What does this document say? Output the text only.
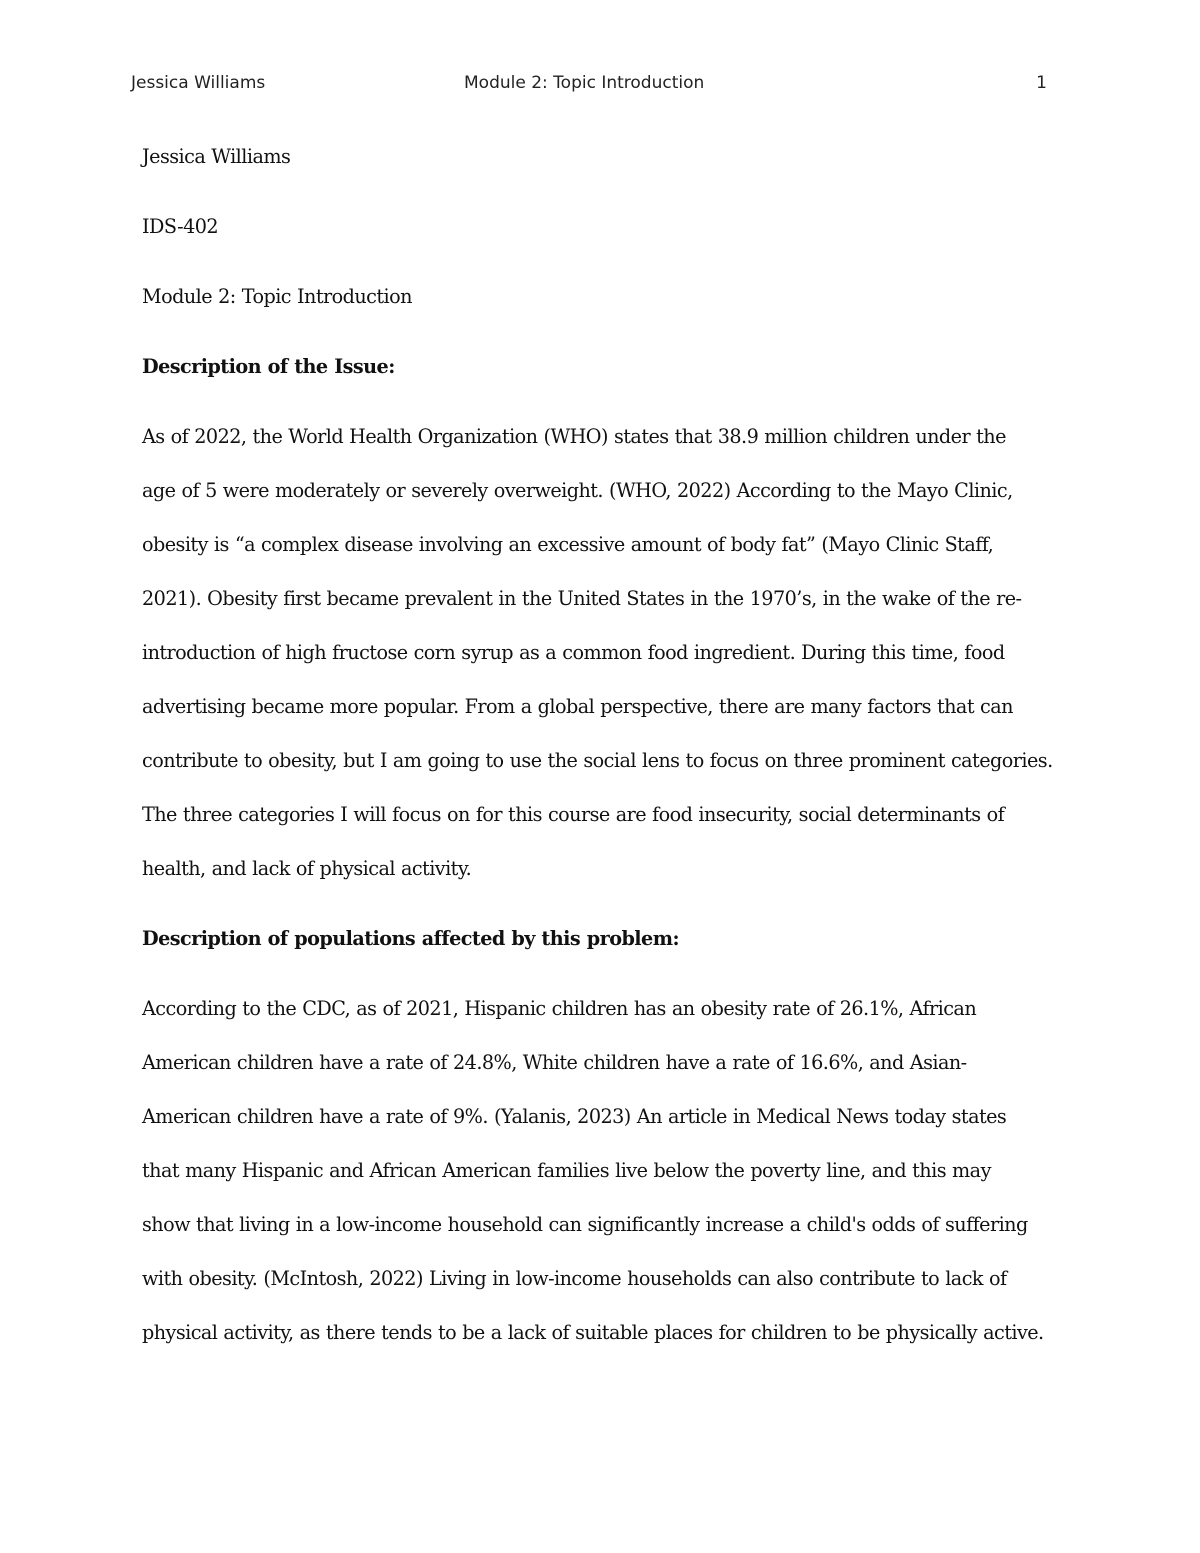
Jessica Williams	Module 2: Topic Introduction	1

Jessica Williams

IDS-402

Module 2: Topic Introduction

Description of the Issue:

As of 2022, the World Health Organization (WHO) states that 38.9 million children under the

age of 5 were moderately or severely overweight. (WHO, 2022) According to the Mayo Clinic,

obesity is “a complex disease involving an excessive amount of body fat” (Mayo Clinic Staff,

2021). Obesity first became prevalent in the United States in the 1970’s, in the wake of the re-

introduction of high fructose corn syrup as a common food ingredient. During this time, food

advertising became more popular. From a global perspective, there are many factors that can

contribute to obesity, but I am going to use the social lens to focus on three prominent categories.

The three categories I will focus on for this course are food insecurity, social determinants of

health, and lack of physical activity.

Description of populations affected by this problem:

According to the CDC, as of 2021, Hispanic children has an obesity rate of 26.1%, African

American children have a rate of 24.8%, White children have a rate of 16.6%, and Asian-

American children have a rate of 9%. (Yalanis, 2023) An article in Medical News today states

that many Hispanic and African American families live below the poverty line, and this may

show that living in a low-income household can significantly increase a child's odds of suffering

with obesity. (McIntosh, 2022) Living in low-income households can also contribute to lack of

physical activity, as there tends to be a lack of suitable places for children to be physically active.
